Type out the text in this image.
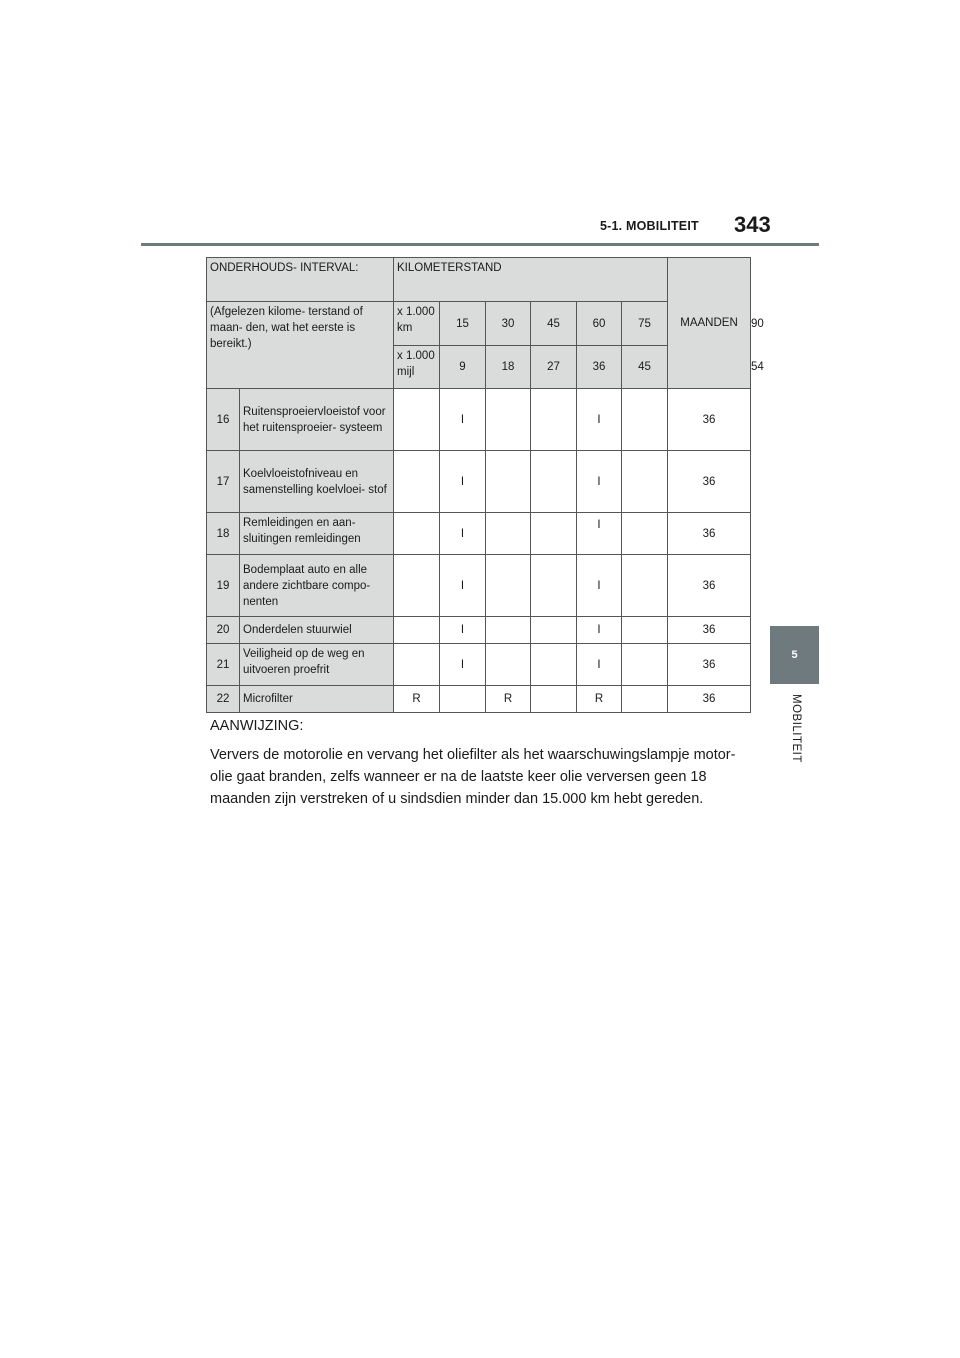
5-1. MOBILITEIT 343
5
MOBILITEIT
ONDERHOUDS- INTERVAL:		KILOMETERSTAND						MAANDEN	
(Afgelezen kilome- terstand of maan- den, wat het eerste is bereikt.)		x 1.000 km	15	30	45	60	75		90
		x 1.000 mijl	9	18	27	36	45		54
16	Ruitensproeiervloeistof voor het ruitensproeier- systeem		I			I		36	
17	Koelvloeistofniveau en samenstelling koelvloei- stof		I			I		36	
18	Remleidingen en aan- sluitingen remleidingen		I			I		36	
19	Bodemplaat auto en alle andere zichtbare compo- nenten		I			I		36	
20	Onderdelen stuurwiel		I			I		36	
21	Veiligheid op de weg en uitvoeren proefrit		I			I		36	
22	Microfilter	R		R		R		36	
AANWIJZING:
Ververs de motorolie en vervang het oliefilter als het waarschuwingslampje motor- olie gaat branden, zelfs wanneer er na de laatste keer olie verversen geen 18 maanden zijn verstreken of u sindsdien minder dan 15.000 km hebt gereden.
